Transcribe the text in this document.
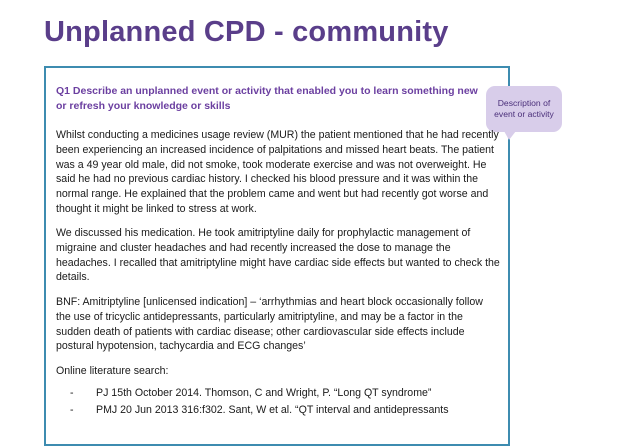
Unplanned CPD - community

Q1 Describe an unplanned event or activity that enabled you to learn something new or refresh your knowledge or skills	Description of event or activity

Whilst conducting a medicines usage review (MUR) the patient mentioned that he had recently been experiencing an increased incidence of palpitations and missed heart beats. The patient was a 49 year old male, did not smoke, took moderate exercise and was not overweight. He said he had no previous cardiac history. I checked his blood pressure and it was within the normal range. He explained that the problem came and went but had recently got worse and thought it might be linked to stress at work.

We discussed his medication. He took amitriptyline daily for prophylactic management of migraine and cluster headaches and had recently increased the dose to manage the headaches. I recalled that amitriptyline might have cardiac side effects but wanted to check the details.

BNF: Amitriptyline [unlicensed indication] – ‘arrhythmias and heart block occasionally follow the use of tricyclic antidepressants, particularly amitriptyline, and may be a factor in the sudden death of patients with cardiac disease; other cardiovascular side effects include postural hypotension, tachycardia and ECG changes’

Online literature search:

-	PJ 15th October 2014. Thomson, C and Wright, P. “Long QT syndrome”
-	PMJ 20 Jun 2013 316:f302. Sant, W et al. “QT interval and antidepressants
